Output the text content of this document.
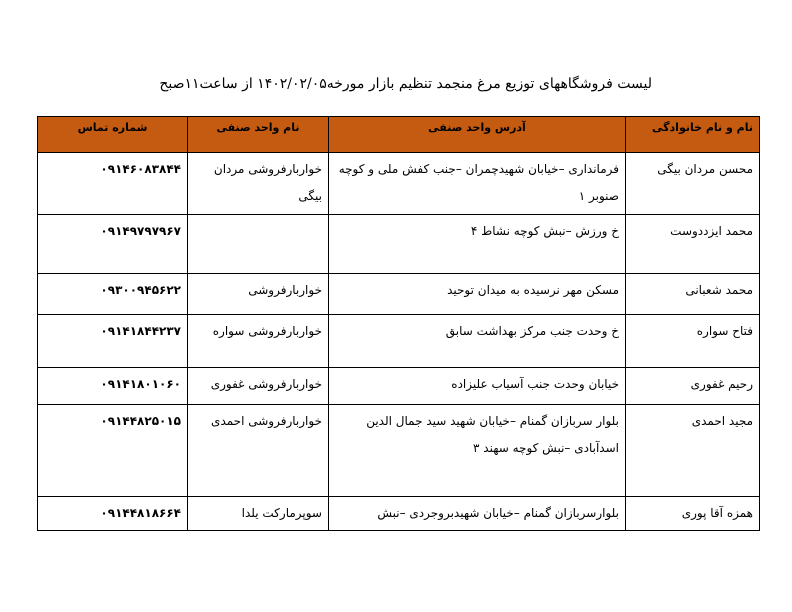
لیست فروشگاههای توزیع مرغ منجمد تنظیم بازار مورخه۱۴۰۲/۰۲/۰۵ از ساعت۱۱صبح
نام و نام خانوادگی	آدرس واحد صنفی	نام واحد صنفی	شماره تماس
محسن مردان بیگی	فرمانداری –خیابان شهیدچمران –جنب کفش ملی و کوچه صنوبر ۱	خواربارفروشی مردان بیگی	۰۹۱۴۶۰۸۳۸۴۴
محمد ایزددوست	خ ورزش –نبش کوچه نشاط ۴		۰۹۱۴۹۷۹۷۹۶۷
محمد شعبانی	مسکن مهر نرسیده به میدان توحید	خواربارفروشی	۰۹۳۰۰۹۴۵۶۲۲
فتاح سواره	خ وحدت جنب مرکز بهداشت سابق	خواربارفروشی سواره	۰۹۱۴۱۸۴۴۲۳۷
رحیم غفوری	خیابان وحدت جنب آسیاب علیزاده	خواربارفروشی غفوری	۰۹۱۴۱۸۰۱۰۶۰
مجید احمدی	بلوار سربازان گمنام –خیابان شهید سید جمال الدین اسدآبادی –نبش کوچه سهند ۳	خواربارفروشی احمدی	۰۹۱۴۴۸۲۵۰۱۵
همزه آقا پوری	بلوارسربازان گمنام –خیابان شهیدبروجردی –نبش	سوپرمارکت یلدا	۰۹۱۴۴۸۱۸۶۶۴
